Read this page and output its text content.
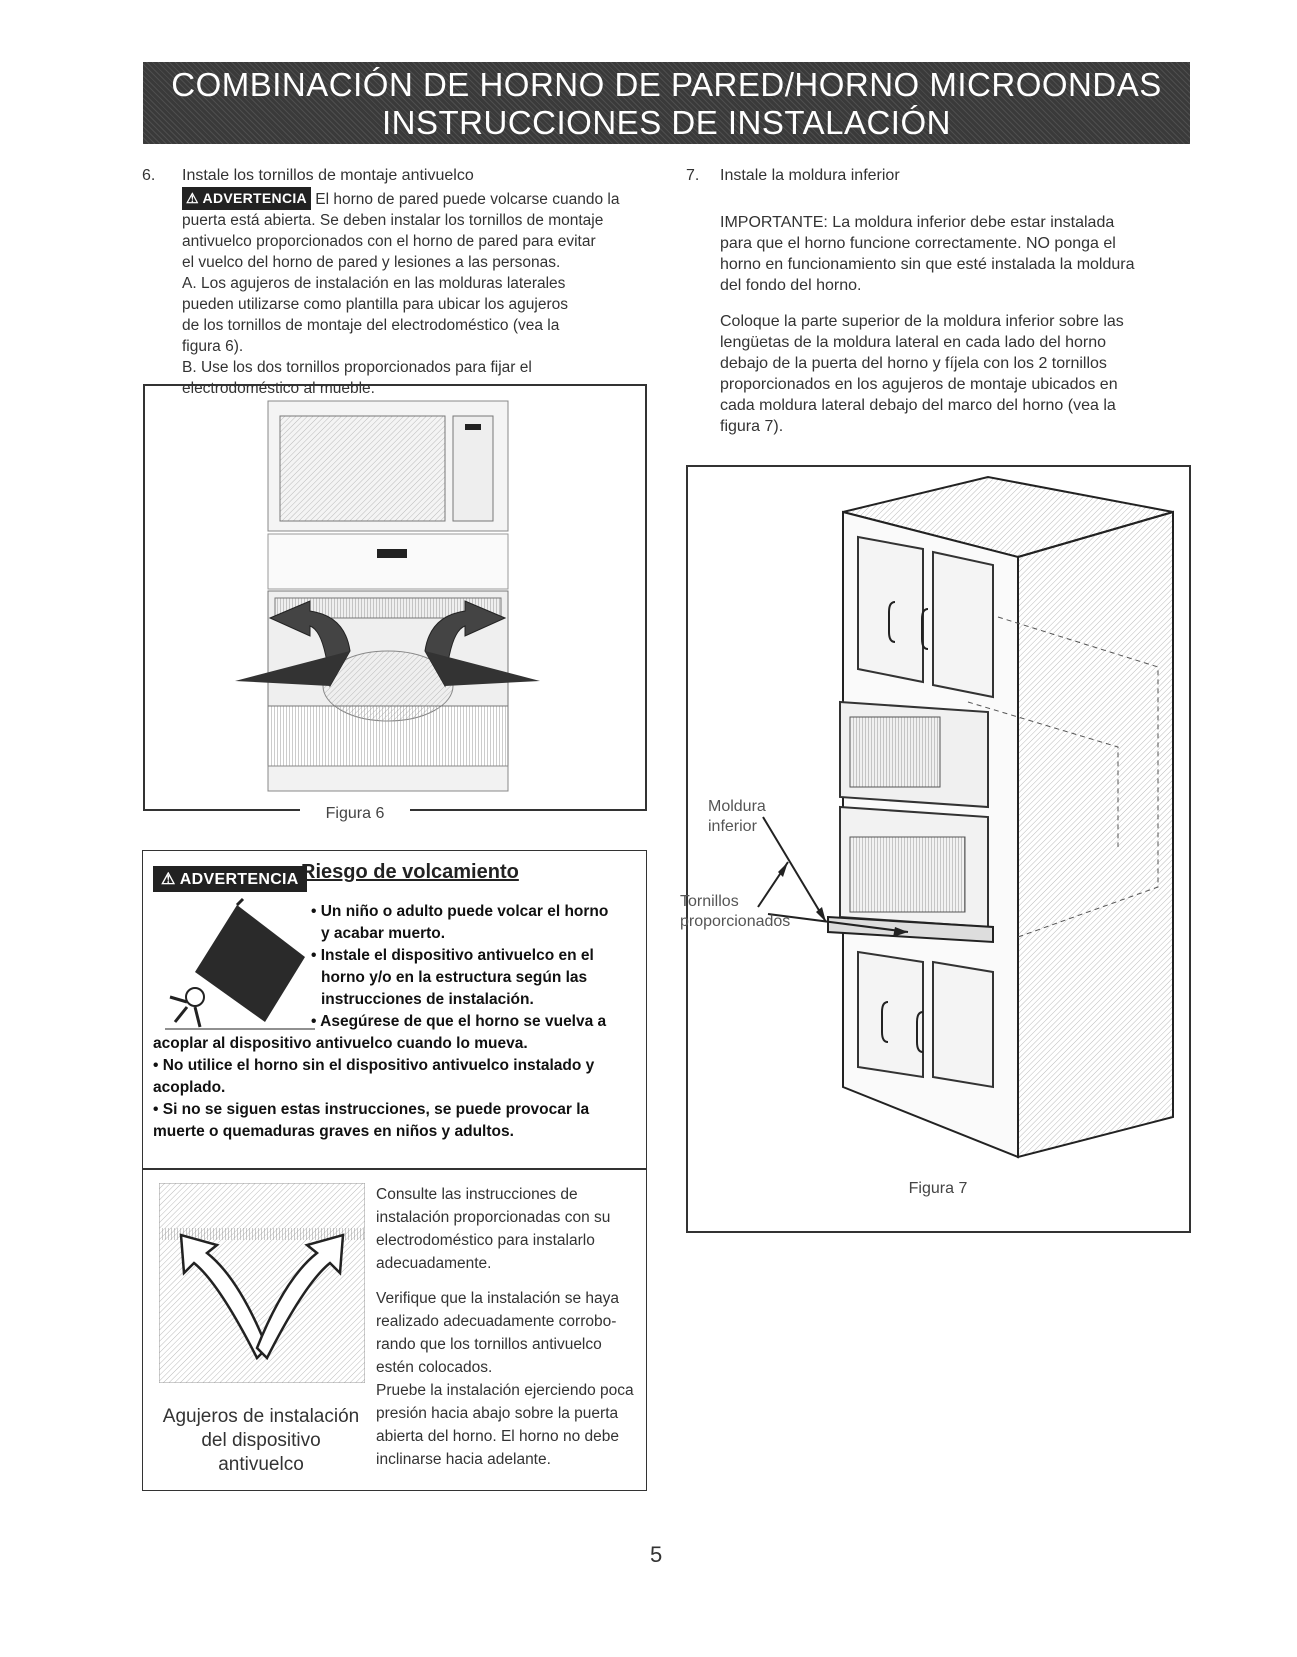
COMBINACIÓN DE HORNO DE PARED/HORNO MICROONDAS
INSTRUCCIONES DE INSTALACIÓN
6. Instale los tornillos de montaje antivuelco
⚠ ADVERTENCIA El horno de pared puede volcarse cuando la
puerta está abierta. Se deben instalar los tornillos de montaje
antivuelco proporcionados con el horno de pared para evitar
el vuelco del horno de pared y lesiones a las personas.
A. Los agujeros de instalación en las molduras laterales
pueden utilizarse como plantilla para ubicar los agujeros
de los tornillos de montaje del electrodoméstico (vea la
figura 6).
B. Use los dos tornillos proporcionados para fijar el
electrodoméstico al mueble.
Figura 6
⚠ ADVERTENCIA Riesgo de volcamiento
• Un niño o adulto puede volcar el horno
y acabar muerto.
• Instale el dispositivo antivuelco en el
horno y/o en la estructura según las
instrucciones de instalación.
• Asegúrese de que el horno se vuelva a
acoplar al dispositivo antivuelco cuando lo mueva.
• No utilice el horno sin el dispositivo antivuelco instalado y
acoplado.
• Si no se siguen estas instrucciones, se puede provocar la
muerte o quemaduras graves en niños y adultos.
Agujeros de instalación
del dispositivo
antivuelco
Consulte las instrucciones de
instalación proporcionadas con su
electrodoméstico para instalarlo
adecuadamente.
Verifique que la instalación se haya
realizado adecuadamente corrobo-
rando que los tornillos antivuelco
estén colocados.
Pruebe la instalación ejerciendo poca
presión hacia abajo sobre la puerta
abierta del horno. El horno no debe
inclinarse hacia adelante.
7. Instale la moldura inferior
IMPORTANTE: La moldura inferior debe estar instalada
para que el horno funcione correctamente. NO ponga el
horno en funcionamiento sin que esté instalada la moldura
del fondo del horno.
Coloque la parte superior de la moldura inferior sobre las
lengüetas de la moldura lateral en cada lado del horno
debajo de la puerta del horno y fíjela con los 2 tornillos
proporcionados en los agujeros de montaje ubicados en
cada moldura lateral debajo del marco del horno (vea la
figura 7).
Moldura
inferior
Tornillos
proporcionados
Figura 7
5
